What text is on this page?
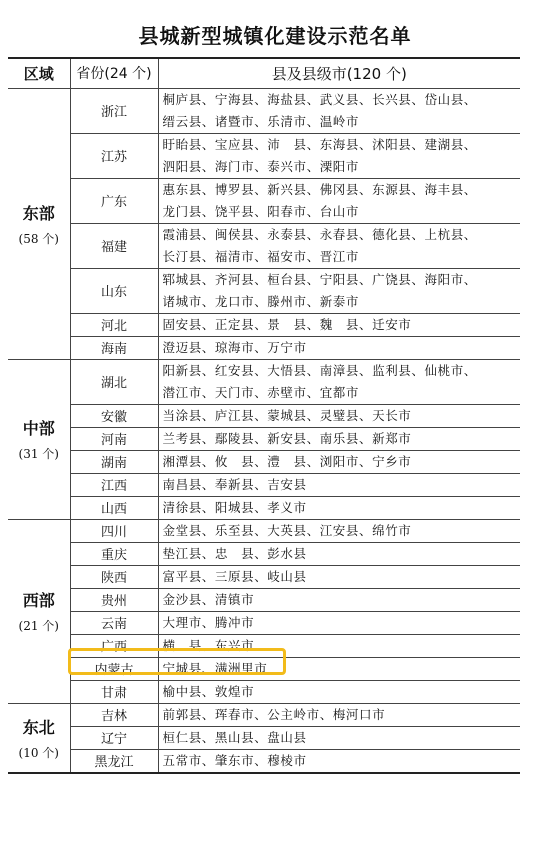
县城新型城镇化建设示范名单
区域	省份(24 个)	县及县级市(120 个)

东部
(58 个)	浙江	桐庐县、宁海县、海盐县、武义县、长兴县、岱山县、
缙云县、诸暨市、乐清市、温岭市

	江苏	盱眙县、宝应县、沛　县、东海县、沭阳县、建湖县、
泗阳县、海门市、泰兴市、溧阳市

	广东	惠东县、博罗县、新兴县、佛冈县、东源县、海丰县、
龙门县、饶平县、阳春市、台山市

	福建	霞浦县、闽侯县、永泰县、永春县、德化县、上杭县、
长汀县、福清市、福安市、晋江市

	山东	郓城县、齐河县、桓台县、宁阳县、广饶县、海阳市、
诸城市、龙口市、滕州市、新泰市

	河北	固安县、正定县、景　县、魏　县、迁安市

	海南	澄迈县、琼海市、万宁市

中部
(31 个)	湖北	阳新县、红安县、大悟县、南漳县、监利县、仙桃市、
潜江市、天门市、赤壁市、宜都市

	安徽	当涂县、庐江县、蒙城县、灵璧县、天长市

	河南	兰考县、鄢陵县、新安县、南乐县、新郑市

	湖南	湘潭县、攸　县、澧　县、浏阳市、宁乡市

	江西	南昌县、奉新县、吉安县

	山西	清徐县、阳城县、孝义市

西部
(21 个)	四川	金堂县、乐至县、大英县、江安县、绵竹市

	重庆	垫江县、忠　县、彭水县

	陕西	富平县、三原县、岐山县

	贵州	金沙县、清镇市

	云南	大理市、腾冲市

	广西	横　县、东兴市

	内蒙古	宁城县、满洲里市

	甘肃	榆中县、敦煌市

东北
(10 个)	吉林	前郭县、珲春市、公主岭市、梅河口市

	辽宁	桓仁县、黑山县、盘山县

	黑龙江	五常市、肇东市、穆棱市
